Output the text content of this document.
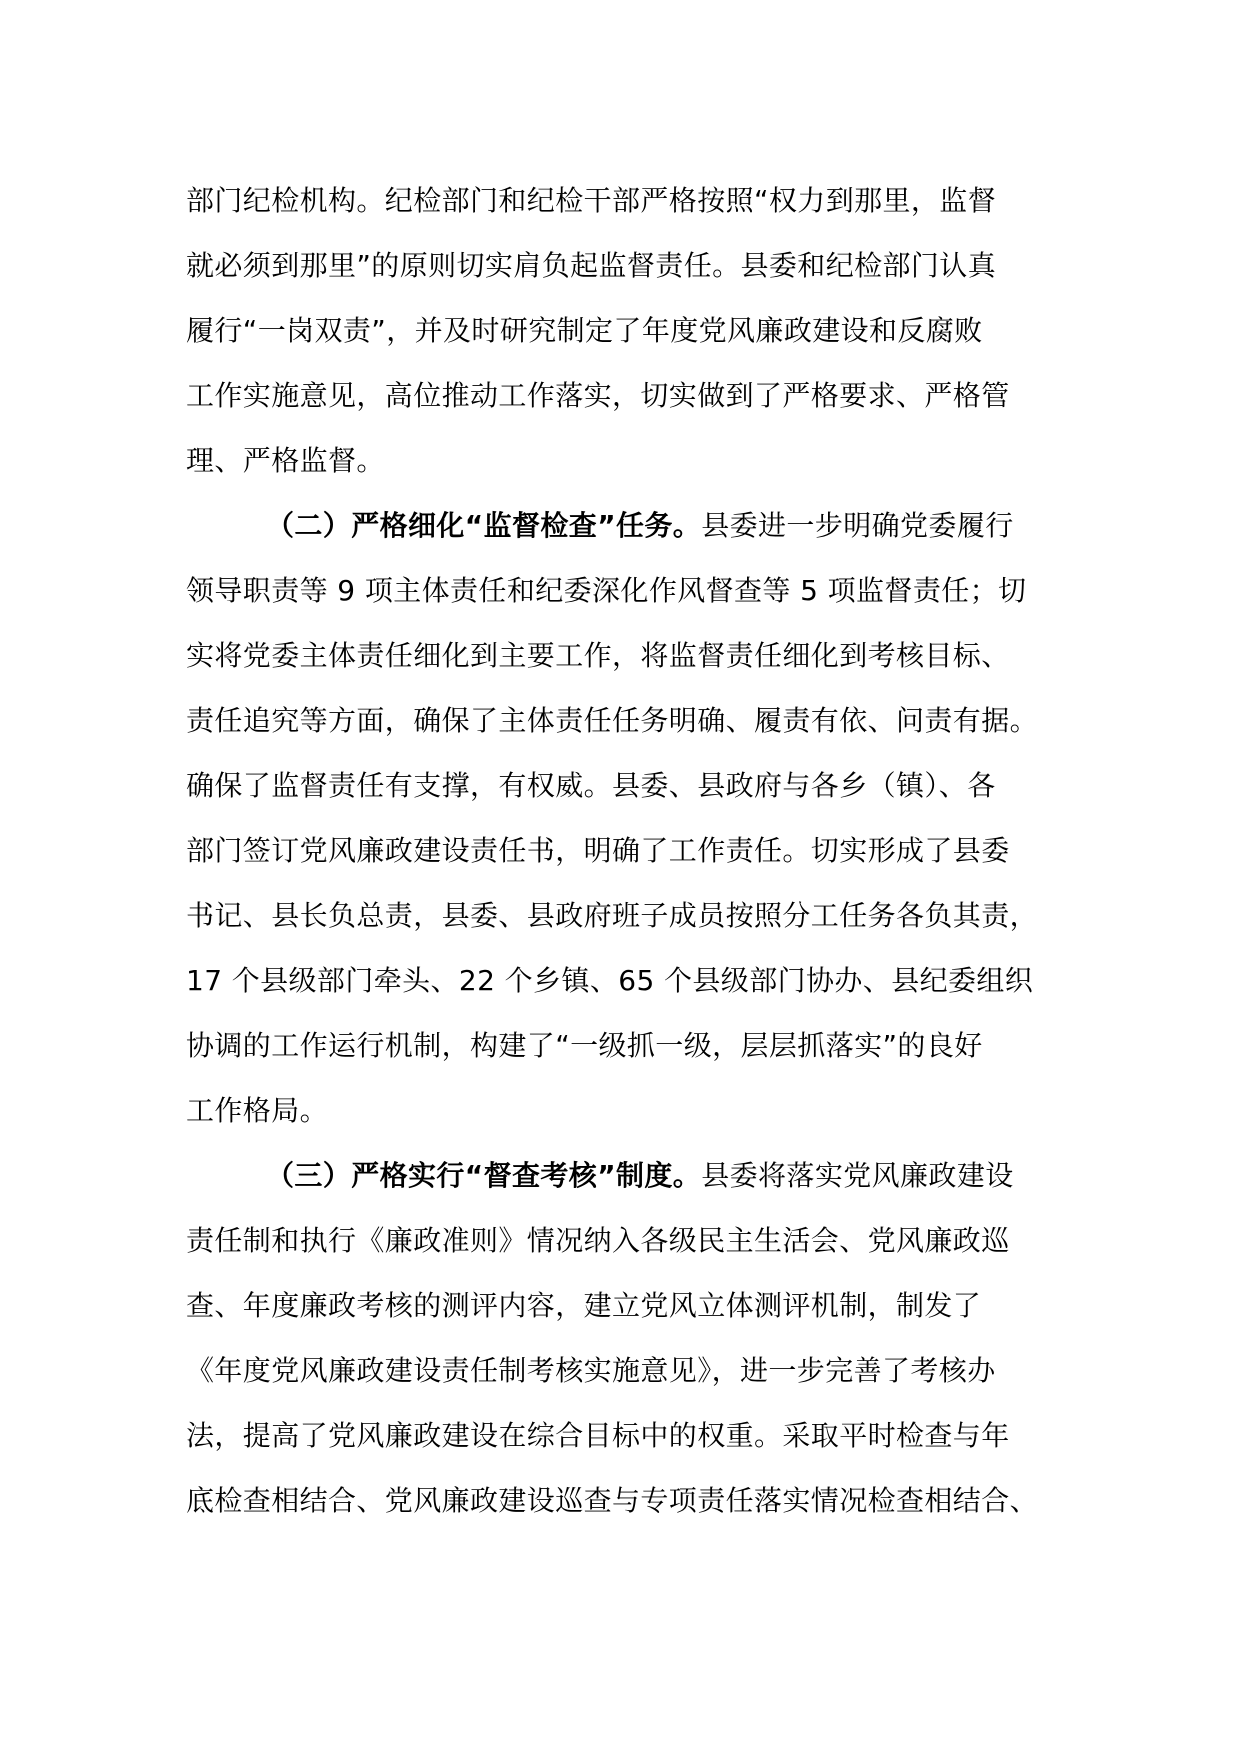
部门纪检机构。纪检部门和纪检干部严格按照“权力到那里，监督
就必须到那里”的原则切实肩负起监督责任。县委和纪检部门认真
履行“一岗双责”，并及时研究制定了年度党风廉政建设和反腐败
工作实施意见，高位推动工作落实，切实做到了严格要求、严格管
理、严格监督。
（二）严格细化“监督检查”任务。县委进一步明确党委履行
领导职责等 9 项主体责任和纪委深化作风督查等 5 项监督责任；切
实将党委主体责任细化到主要工作，将监督责任细化到考核目标、
责任追究等方面，确保了主体责任任务明确、履责有依、问责有据。
确保了监督责任有支撑，有权威。县委、县政府与各乡（镇）、各
部门签订党风廉政建设责任书，明确了工作责任。切实形成了县委
书记、县长负总责，县委、县政府班子成员按照分工任务各负其责，
17 个县级部门牵头、22 个乡镇、65 个县级部门协办、县纪委组织
协调的工作运行机制，构建了“一级抓一级，层层抓落实”的良好
工作格局。
（三）严格实行“督查考核”制度。县委将落实党风廉政建设
责任制和执行《廉政准则》情况纳入各级民主生活会、党风廉政巡
查、年度廉政考核的测评内容，建立党风立体测评机制，制发了
《年度党风廉政建设责任制考核实施意见》，进一步完善了考核办
法，提高了党风廉政建设在综合目标中的权重。采取平时检查与年
底检查相结合、党风廉政建设巡查与专项责任落实情况检查相结合、
